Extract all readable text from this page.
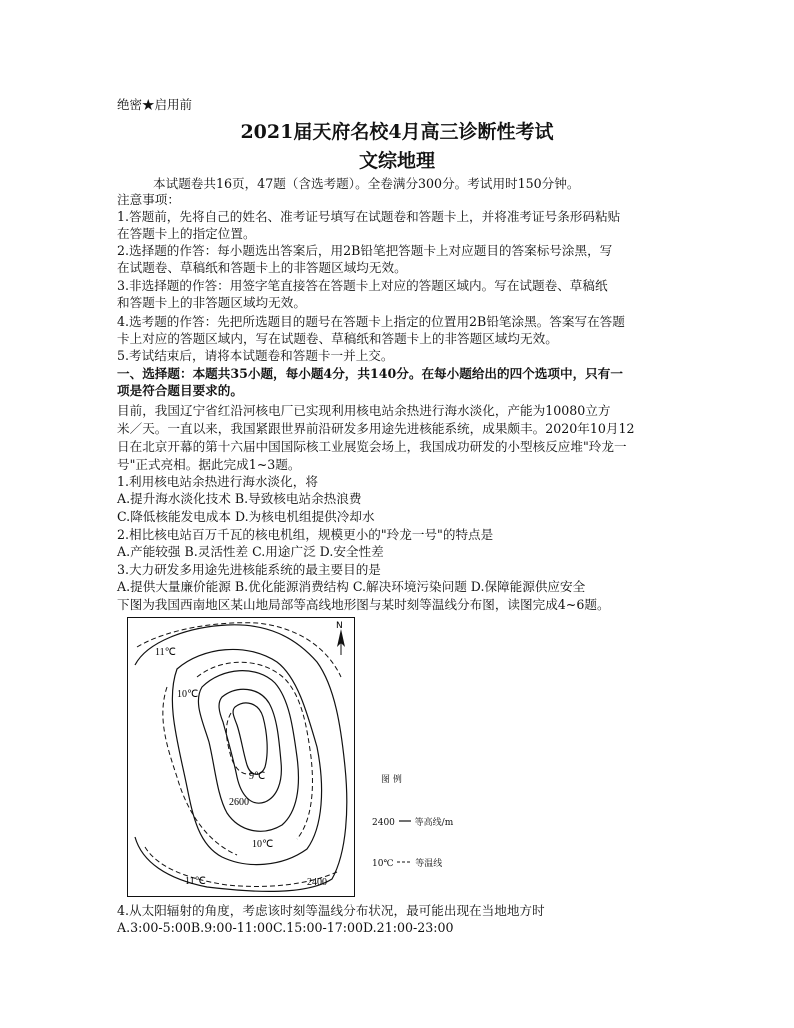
绝密★启用前
2021届天府名校4月高三诊断性考试
文综地理
本试题卷共16页，47题（含选考题）。全卷满分300分。考试用时150分钟。
注意事项：
1.答题前，先将自己的姓名、准考证号填写在试题卷和答题卡上，并将准考证号条形码粘贴
在答题卡上的指定位置。
2.选择题的作答：每小题选出答案后，用2B铅笔把答题卡上对应题目的答案标号涂黑，写
在试题卷、草稿纸和答题卡上的非答题区域均无效。
3.非选择题的作答：用签字笔直接答在答题卡上对应的答题区域内。写在试题卷、草稿纸
和答题卡上的非答题区域均无效。
4.选考题的作答：先把所选题目的题号在答题卡上指定的位置用2B铅笔涂黑。答案写在答题
卡上对应的答题区域内，写在试题卷、草稿纸和答题卡上的非答题区域均无效。
5.考试结束后，请将本试题卷和答题卡一并上交。
一、选择题：本题共35小题，每小题4分，共140分。在每小题给出的四个选项中，只有一
项是符合题目要求的。
目前，我国辽宁省红沿河核电厂已实现利用核电站余热进行海水淡化，产能为10080立方
米／天。一直以来，我国紧跟世界前沿研发多用途先进核能系统，成果颇丰。2020年10月12
日在北京开幕的第十六届中国国际核工业展览会场上，我国成功研发的小型核反应堆"玲龙一
号"正式亮相。据此完成1~3题。
1.利用核电站余热进行海水淡化，将
A.提升海水淡化技术 B.导致核电站余热浪费
C.降低核能发电成本 D.为核电机组提供冷却水
2.相比核电站百万千瓦的核电机组，规模更小的"玲龙一号"的特点是
A.产能较强 B.灵活性差 C.用途广泛 D.安全性差
3.大力研发多用途先进核能系统的最主要目的是
A.提供大量廉价能源 B.优化能源消费结构 C.解决环境污染问题 D.保障能源供应安全
下图为我国西南地区某山地局部等高线地形图与某时刻等温线分布图，读图完成4~6题。
N
11℃
10℃
9℃
2600
10℃
11℃	2400
图 例
2400 等高线/m
10℃ 等温线
4.从太阳辐射的角度，考虑该时刻等温线分布状况，最可能出现在当地地方时
A.3:00-5:00B.9:00-11:00C.15:00-17:00D.21:00-23:00
